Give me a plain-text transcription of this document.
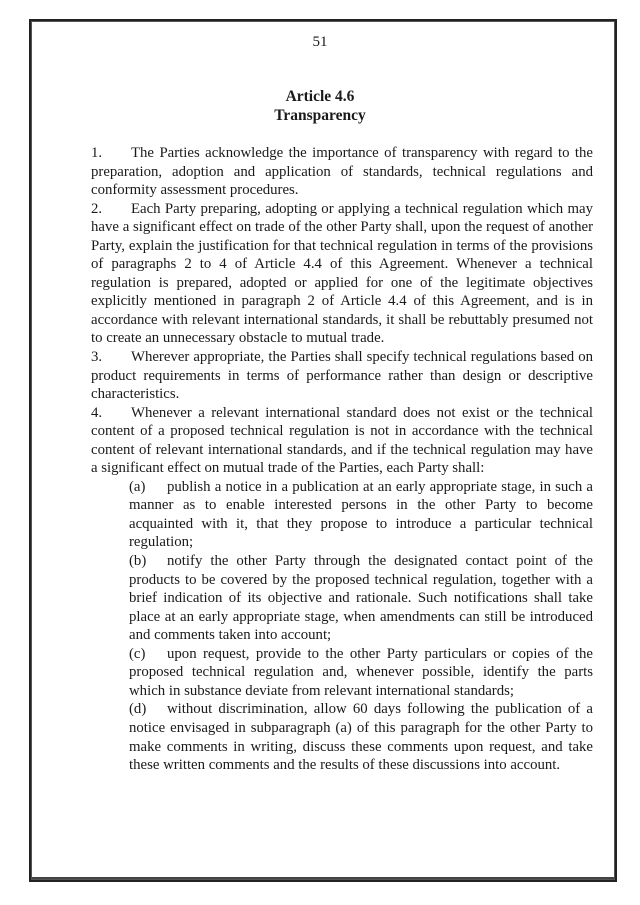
51
Article 4.6
Transparency

1. The Parties acknowledge the importance of transparency with regard to the preparation, adoption and application of standards, technical regulations and conformity assessment procedures.

2. Each Party preparing, adopting or applying a technical regulation which may have a significant effect on trade of the other Party shall, upon the request of another Party, explain the justification for that technical regulation in terms of the provisions of paragraphs 2 to 4 of Article 4.4 of this Agreement. Whenever a technical regulation is prepared, adopted or applied for one of the legitimate objectives explicitly mentioned in paragraph 2 of Article 4.4 of this Agreement, and is in accordance with relevant international standards, it shall be rebuttably presumed not to create an unnecessary obstacle to mutual trade.

3. Wherever appropriate, the Parties shall specify technical regulations based on product requirements in terms of performance rather than design or descriptive characteristics.

4. Whenever a relevant international standard does not exist or the technical content of a proposed technical regulation is not in accordance with the technical content of relevant international standards, and if the technical regulation may have a significant effect on mutual trade of the Parties, each Party shall:

(a) publish a notice in a publication at an early appropriate stage, in such a manner as to enable interested persons in the other Party to become acquainted with it, that they propose to introduce a particular technical regulation;

(b) notify the other Party through the designated contact point of the products to be covered by the proposed technical regulation, together with a brief indication of its objective and rationale. Such notifications shall take place at an early appropriate stage, when amendments can still be introduced and comments taken into account;

(c) upon request, provide to the other Party particulars or copies of the proposed technical regulation and, whenever possible, identify the parts which in substance deviate from relevant international standards;

(d) without discrimination, allow 60 days following the publication of a notice envisaged in subparagraph (a) of this paragraph for the other Party to make comments in writing, discuss these comments upon request, and take these written comments and the results of these discussions into account.
